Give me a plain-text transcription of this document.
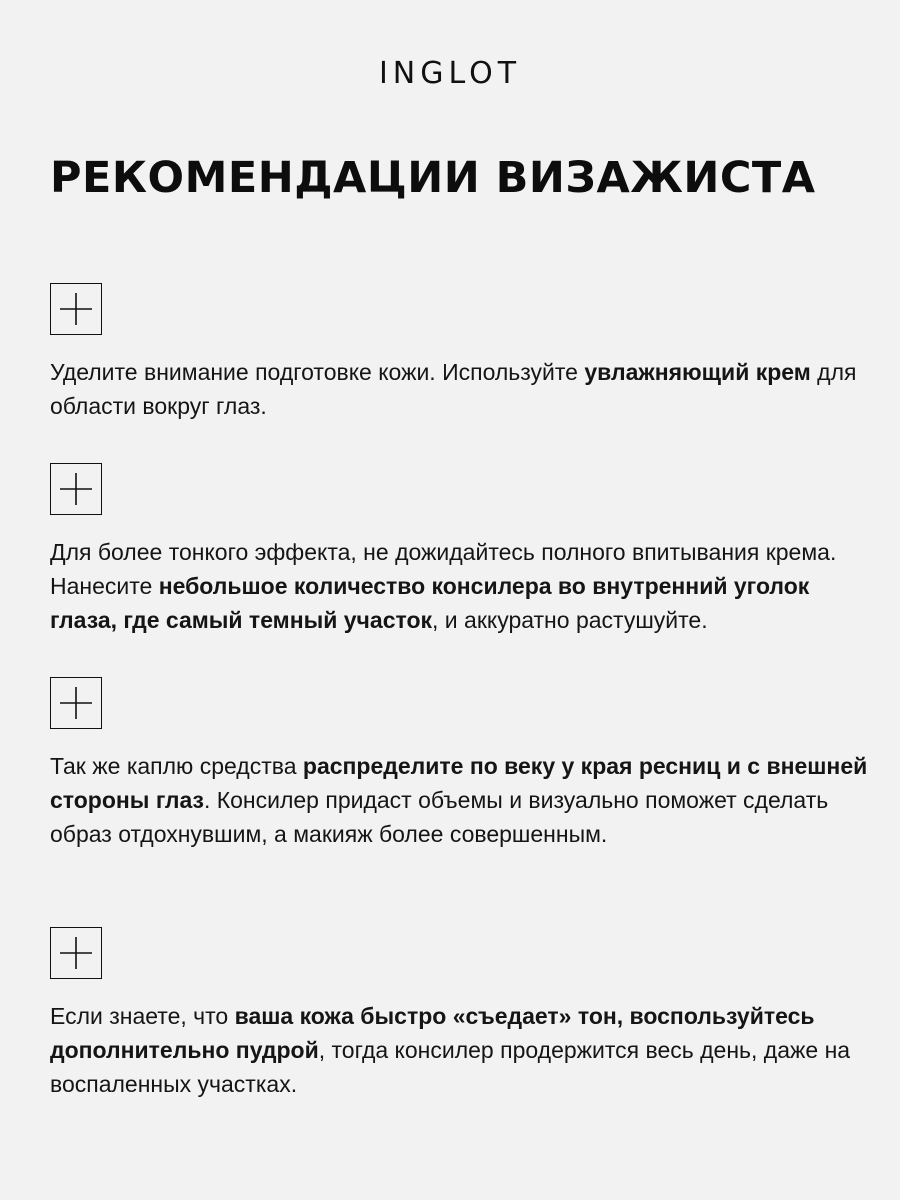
INGLOT
РЕКОМЕНДАЦИИ ВИЗАЖИСТА

Уделите внимание подготовке кожи. Используйте увлажняющий крем для области вокруг глаз.

Для более тонкого эффекта, не дожидайтесь полного впитывания крема. Нанесите небольшое количество консилера во внутренний уголок глаза, где самый темный участок, и аккуратно растушуйте.

Так же каплю средства распределите по веку у края ресниц и с внешней стороны глаз. Консилер придаст объемы и визуально поможет сделать образ отдохнувшим, а макияж более совершенным.

Если знаете, что ваша кожа быстро «съедает» тон, воспользуйтесь дополнительно пудрой, тогда консилер продержится весь день, даже на воспаленных участках.
